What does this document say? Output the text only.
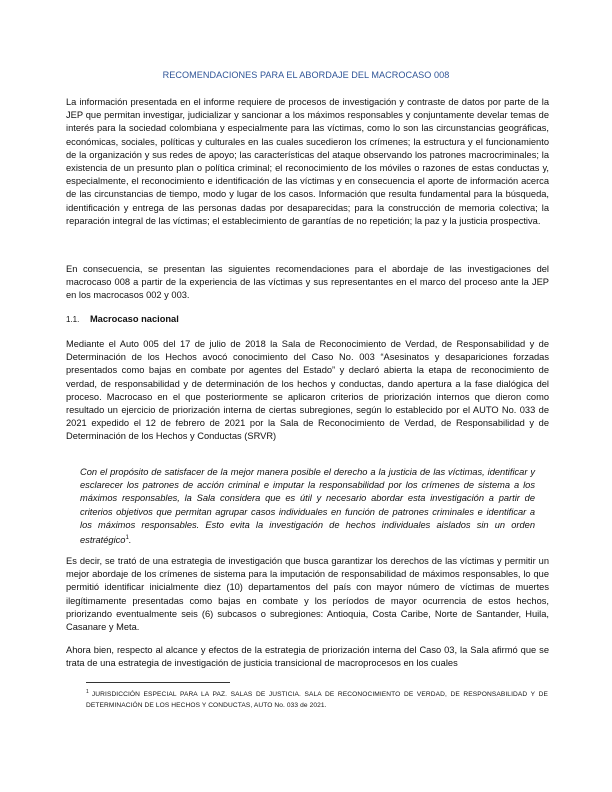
RECOMENDACIONES PARA EL ABORDAJE DEL MACROCASO 008

La información presentada en el informe requiere de procesos de investigación y contraste de datos por parte de la JEP que permitan investigar, judicializar y sancionar a los máximos responsables y conjuntamente develar temas de interés para la sociedad colombiana y especialmente para las víctimas, como lo son las circunstancias geográficas, económicas, sociales, políticas y culturales en las cuales sucedieron los crímenes; la estructura y el funcionamiento de la organización y sus redes de apoyo; las características del ataque observando los patrones macrocriminales; la existencia de un presunto plan o política criminal; el reconocimiento de los móviles o razones de estas conductas y, especialmente, el reconocimiento e identificación de las víctimas y en consecuencia el aporte de información acerca de las circunstancias de tiempo, modo y lugar de los casos. Información que resulta fundamental para la búsqueda, identificación y entrega de las personas dadas por desaparecidas; para la construcción de memoria colectiva; la reparación integral de las víctimas; el establecimiento de garantías de no repetición; la paz y la justicia prospectiva.

En consecuencia, se presentan las siguientes recomendaciones para el abordaje de las investigaciones del macrocaso 008 a partir de la experiencia de las víctimas y sus representantes en el marco del proceso ante la JEP en los macrocasos 002 y 003.

1.1. Macrocaso nacional

Mediante el Auto 005 del 17 de julio de 2018 la Sala de Reconocimiento de Verdad, de Responsabilidad y de Determinación de los Hechos avocó conocimiento del Caso No. 003 “Asesinatos y desapariciones forzadas presentados como bajas en combate por agentes del Estado” y declaró abierta la etapa de reconocimiento de verdad, de responsabilidad y de determinación de los hechos y conductas, dando apertura a la fase dialógica del proceso. Macrocaso en el que posteriormente se aplicaron criterios de priorización internos que dieron como resultado un ejercicio de priorización interna de ciertas subregiones, según lo establecido por el AUTO No. 033 de 2021 expedido el 12 de febrero de 2021 por la Sala de Reconocimiento de Verdad, de Responsabilidad y de Determinación de los Hechos y Conductas (SRVR)

Con el propósito de satisfacer de la mejor manera posible el derecho a la justicia de las víctimas, identificar y esclarecer los patrones de acción criminal e imputar la responsabilidad por los crímenes de sistema a los máximos responsables, la Sala considera que es útil y necesario abordar esta investigación a partir de criterios objetivos que permitan agrupar casos individuales en función de patrones criminales e identificar a los máximos responsables. Esto evita la investigación de hechos individuales aislados sin un orden estratégico$^1$.

Es decir, se trató de una estrategia de investigación que busca garantizar los derechos de las víctimas y permitir un mejor abordaje de los crímenes de sistema para la imputación de responsabilidad de máximos responsables, lo que permitió identificar inicialmente diez (10) departamentos del país con mayor número de víctimas de muertes ilegítimamente presentadas como bajas en combate y los períodos de mayor ocurrencia de estos hechos, priorizando eventualmente seis (6) subcasos o subregiones: Antioquia, Costa Caribe, Norte de Santander, Huila, Casanare y Meta.

Ahora bien, respecto al alcance y efectos de la estrategia de priorización interna del Caso 03, la Sala afirmó que se trata de una estrategia de investigación de justicia transicional de macroprocesos en los cuales

$^1$ JURISDICCIÓN ESPECIAL PARA LA PAZ. SALAS DE JUSTICIA. SALA DE RECONOCIMIENTO DE VERDAD, DE RESPONSABILIDAD Y DE DETERMINACIÓN DE LOS HECHOS Y CONDUCTAS, AUTO No. 033 de 2021.
